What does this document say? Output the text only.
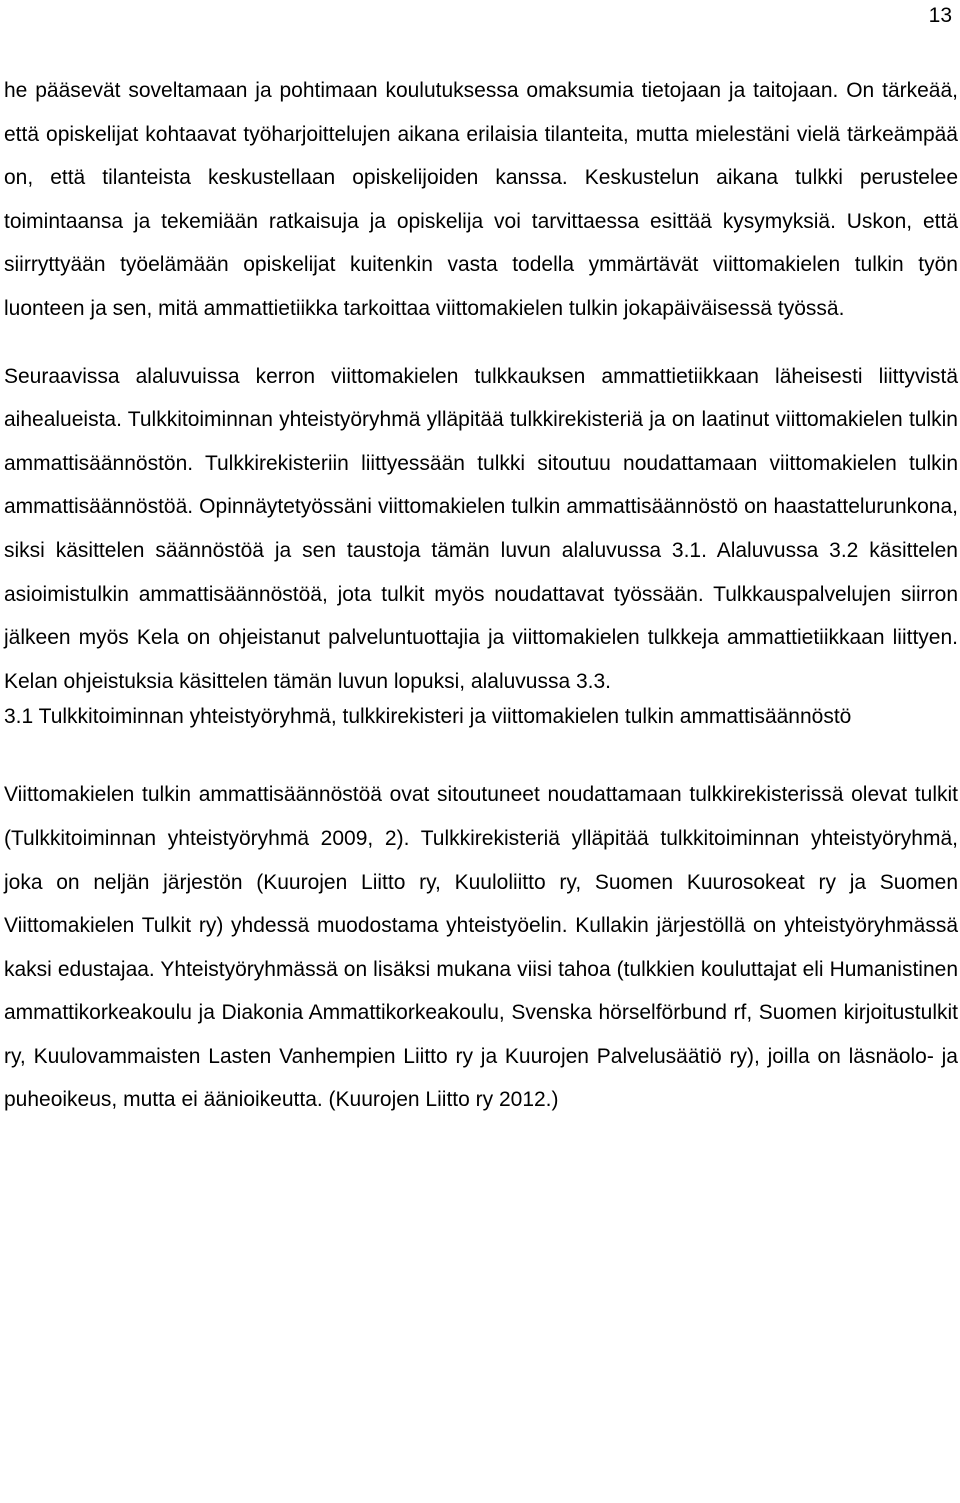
13

he pääsevät soveltamaan ja pohtimaan koulutuksessa omaksumia tietojaan ja taitojaan. On tärkeää, että opiskelijat kohtaavat työharjoittelujen aikana erilaisia tilanteita, mutta mielestäni vielä tärkeämpää on, että tilanteista keskustellaan opiskelijoiden kanssa. Keskustelun aikana tulkki perustelee toimintaansa ja tekemiään ratkaisuja ja opiskelija voi tarvittaessa esittää kysymyksiä. Uskon, että siirryttyään työelämään opiskelijat kuitenkin vasta todella ymmärtävät viittomakielen tulkin työn luonteen ja sen, mitä ammattietiikka tarkoittaa viittomakielen tulkin jokapäiväisessä työssä.

Seuraavissa alaluvuissa kerron viittomakielen tulkkauksen ammattietiikkaan läheisesti liittyvistä aihealueista. Tulkkitoiminnan yhteistyöryhmä ylläpitää tulkkirekisteriä ja on laatinut viittomakielen tulkin ammattisäännöstön. Tulkkirekisteriin liittyessään tulkki sitoutuu noudattamaan viittomakielen tulkin ammattisäännöstöä. Opinnäytetyössäni viittomakielen tulkin ammattisäännöstö on haastattelurunkona, siksi käsittelen säännöstöä ja sen taustoja tämän luvun alaluvussa 3.1. Alaluvussa 3.2 käsittelen asioimistulkin ammattisäännöstöä, jota tulkit myös noudattavat työssään. Tulkkauspalvelujen siirron jälkeen myös Kela on ohjeistanut palveluntuottajia ja viittomakielen tulkkeja ammattietiikkaan liittyen. Kelan ohjeistuksia käsittelen tämän luvun lopuksi, alaluvussa 3.3.

3.1 Tulkkitoiminnan yhteistyöryhmä, tulkkirekisteri ja viittomakielen tulkin ammattisäännöstö

Viittomakielen tulkin ammattisäännöstöä ovat sitoutuneet noudattamaan tulkkirekisterissä olevat tulkit (Tulkkitoiminnan yhteistyöryhmä 2009, 2). Tulkkirekisteriä ylläpitää tulkkitoiminnan yhteistyöryhmä, joka on neljän järjestön (Kuurojen Liitto ry, Kuuloliitto ry, Suomen Kuurosokeat ry ja Suomen Viittomakielen Tulkit ry) yhdessä muodostama yhteistyöelin. Kullakin järjestöllä on yhteistyöryhmässä kaksi edustajaa. Yhteistyöryhmässä on lisäksi mukana viisi tahoa (tulkkien kouluttajat eli Humanistinen ammattikorkeakoulu ja Diakonia Ammattikorkeakoulu, Svenska hörselförbund rf, Suomen kirjoitustulkit ry, Kuulovammaisten Lasten Vanhempien Liitto ry ja Kuurojen Palvelusäätiö ry), joilla on läsnäolo- ja puheoikeus, mutta ei äänioikeutta. (Kuurojen Liitto ry 2012.)
